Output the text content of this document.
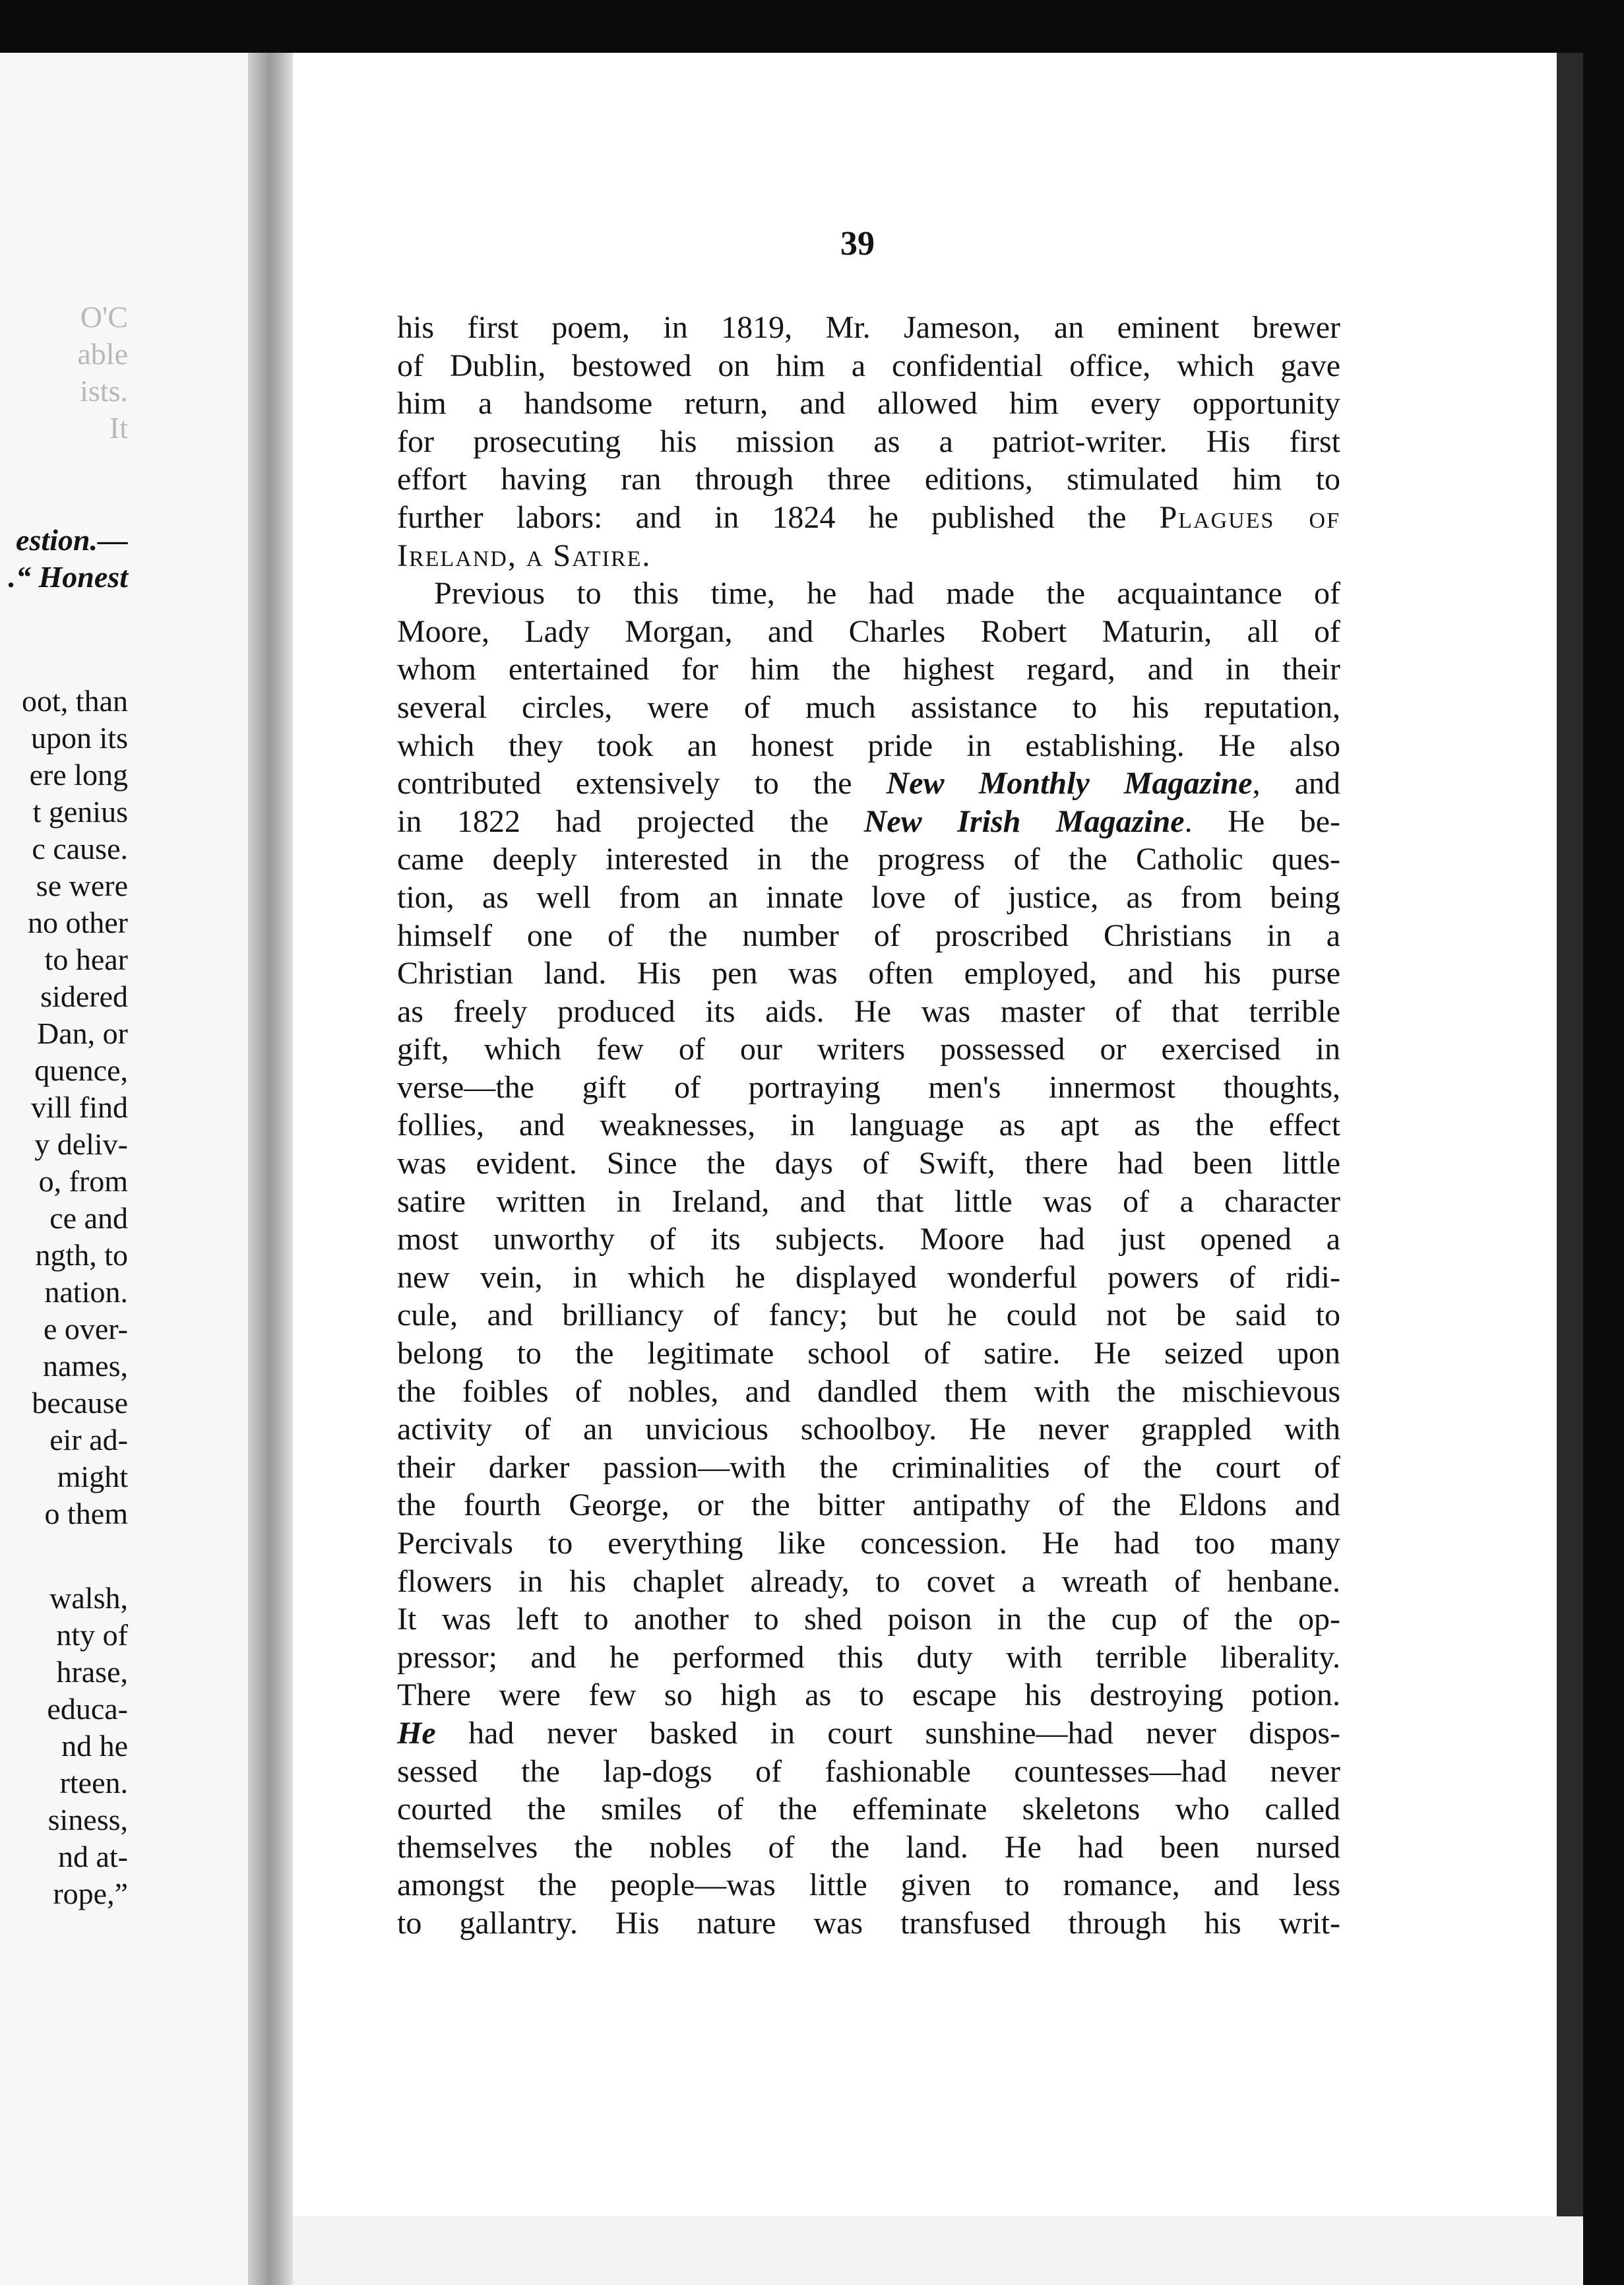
O'C
able
ists.
It
estion.—
.“ Honest
oot, than
upon its
ere long
t genius
c cause.
se were
no other
to hear
sidered
Dan, or
quence,
vill find
y deliv-
o, from
ce and
ngth, to
nation.
e over-
names,
because
eir ad-
might
o them
walsh,
nty of
hrase,
educa-
nd he
rteen.
siness,
nd at-
rope,”
39
his first poem, in 1819, Mr. Jameson, an eminent brewer
of Dublin, bestowed on him a confidential office, which gave
him a handsome return, and allowed him every opportunity
for prosecuting his mission as a patriot-writer. His first
effort having ran through three editions, stimulated him to
further labors: and in 1824 he published the Plagues of
Ireland, a Satire.
Previous to this time, he had made the acquaintance of
Moore, Lady Morgan, and Charles Robert Maturin, all of
whom entertained for him the highest regard, and in their
several circles, were of much assistance to his reputation,
which they took an honest pride in establishing. He also
contributed extensively to the New Monthly Magazine, and
in 1822 had projected the New Irish Magazine. He be-
came deeply interested in the progress of the Catholic ques-
tion, as well from an innate love of justice, as from being
himself one of the number of proscribed Christians in a
Christian land. His pen was often employed, and his purse
as freely produced its aids. He was master of that terrible
gift, which few of our writers possessed or exercised in
verse—the gift of portraying men's innermost thoughts,
follies, and weaknesses, in language as apt as the effect
was evident. Since the days of Swift, there had been little
satire written in Ireland, and that little was of a character
most unworthy of its subjects. Moore had just opened a
new vein, in which he displayed wonderful powers of ridi-
cule, and brilliancy of fancy; but he could not be said to
belong to the legitimate school of satire. He seized upon
the foibles of nobles, and dandled them with the mischievous
activity of an unvicious schoolboy. He never grappled with
their darker passion—with the criminalities of the court of
the fourth George, or the bitter antipathy of the Eldons and
Percivals to everything like concession. He had too many
flowers in his chaplet already, to covet a wreath of henbane.
It was left to another to shed poison in the cup of the op-
pressor; and he performed this duty with terrible liberality.
There were few so high as to escape his destroying potion.
He had never basked in court sunshine—had never dispos-
sessed the lap-dogs of fashionable countesses—had never
courted the smiles of the effeminate skeletons who called
themselves the nobles of the land. He had been nursed
amongst the people—was little given to romance, and less
to gallantry. His nature was transfused through his writ-
